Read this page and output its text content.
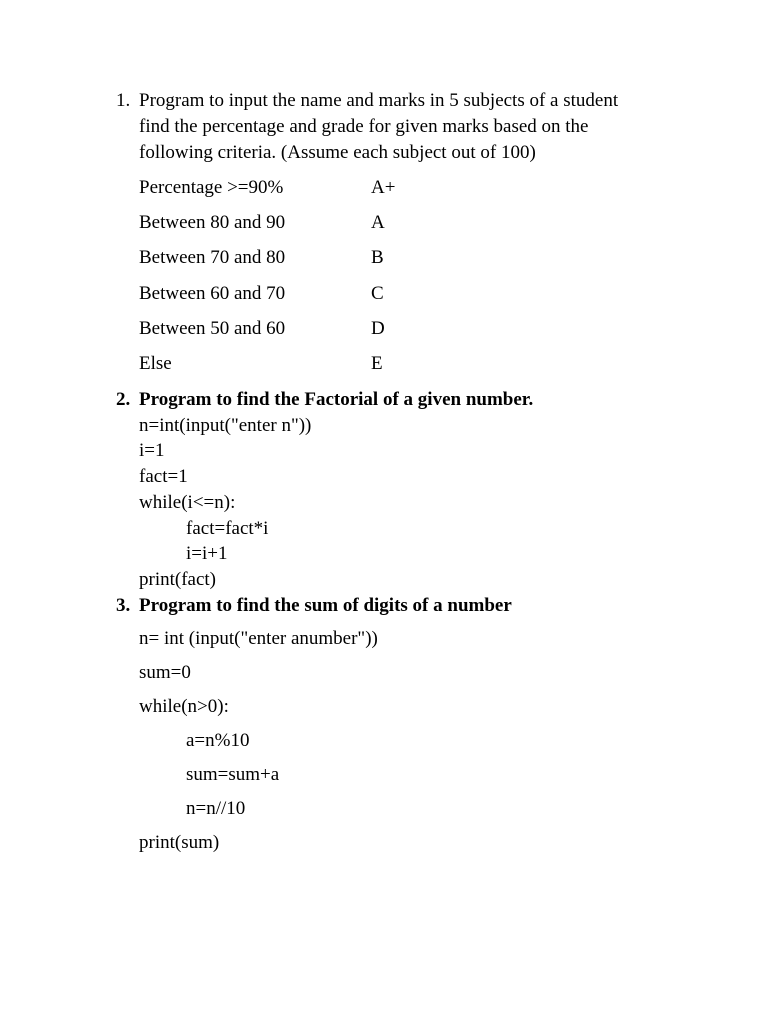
1. Program to input the name and marks in 5 subjects of a student
find the percentage and grade for given marks based on the
following criteria. (Assume each subject out of 100)
Percentage >=90%	A+
Between 80 and 90	A
Between 70 and 80	B
Between 60 and 70	C
Between 50 and 60	D
Else	E
2. Program to find the Factorial of a given number.
n=int(input("enter n"))
i=1
fact=1
while(i<=n):
fact=fact*i
i=i+1
print(fact)
3. Program to find the sum of digits of a number
n= int (input("enter anumber"))
sum=0
while(n>0):
a=n%10
sum=sum+a
n=n//10
print(sum)
